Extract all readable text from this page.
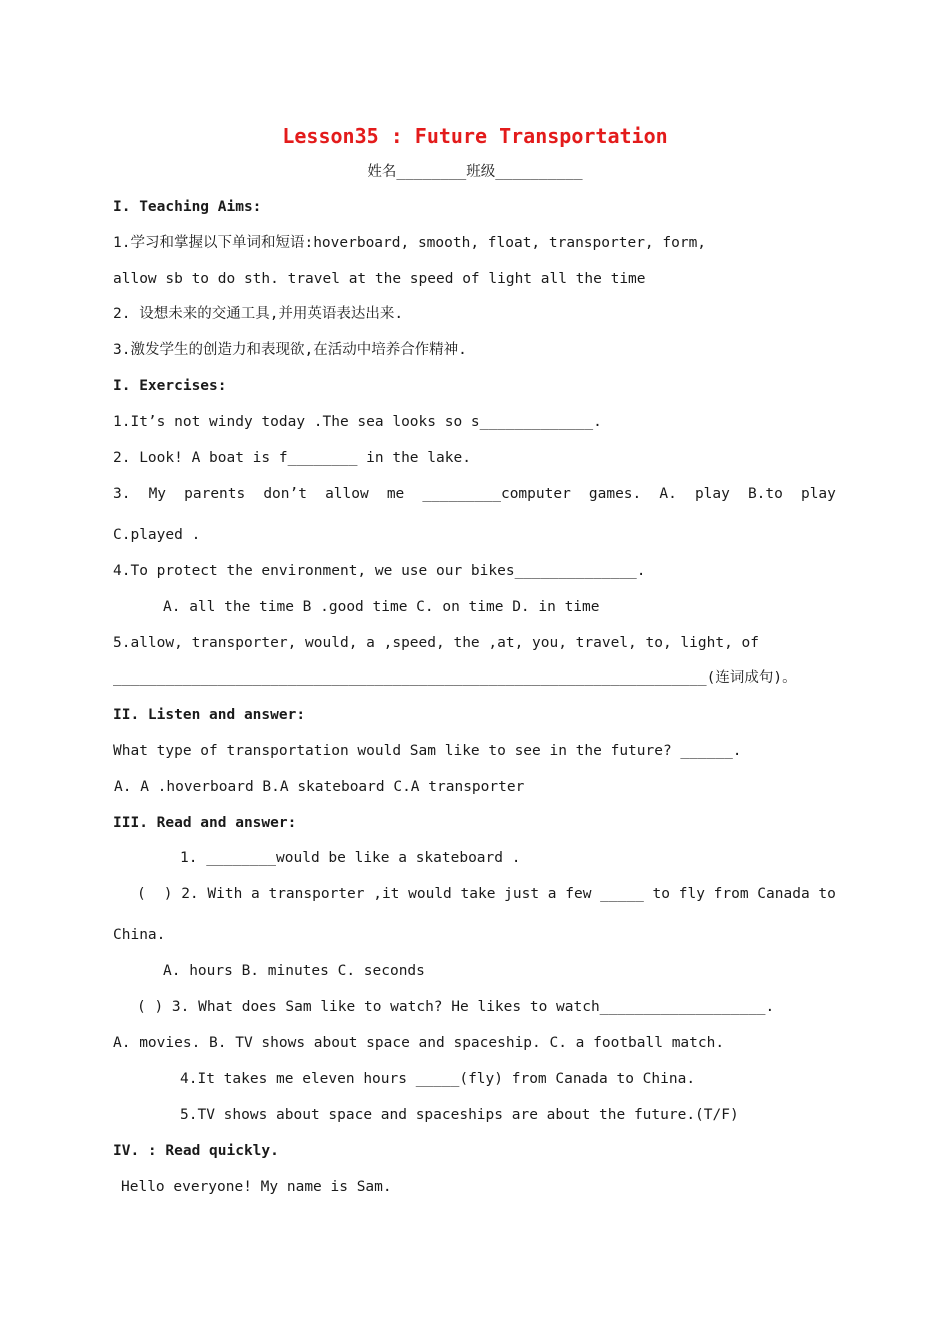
Lesson35 : Future Transportation
姓名________班级__________
I. Teaching Aims:
1.学习和掌握以下单词和短语:hoverboard, smooth, float, transporter, form,
allow sb to do sth. travel at the speed of light all the time
2. 设想未来的交通工具,并用英语表达出来.
3.激发学生的创造力和表现欲,在活动中培养合作精神.
I. Exercises:
1.It’s not windy today .The sea looks so s_____________.
2. Look! A boat is f________ in the lake.
3. My parents don’t allow me _________computer games. A. play B.to play
C.played .
4.To protect the environment, we use our bikes______________.
A. all the time B .good time C. on time D. in time
5.allow, transporter, would, a ,speed, the ,at, you, travel, to, light, of
____________________________________________________________________(连词成句)。
II. Listen and answer:
What type of transportation would Sam like to see in the future? ______.
A. A .hoverboard B.A skateboard C.A transporter
III. Read and answer:
1. ________would be like a skateboard .
( ) 2. With a transporter ,it would take just a few _____ to fly from Canada to
China.
A. hours B. minutes C. seconds
( ) 3. What does Sam like to watch? He likes to watch___________________.
A. movies. B. TV shows about space and spaceship. C. a football match.
4.It takes me eleven hours _____(fly) from Canada to China.
5.TV shows about space and spaceships are about the future.(T/F)
IV. : Read quickly.
Hello everyone! My name is Sam.
